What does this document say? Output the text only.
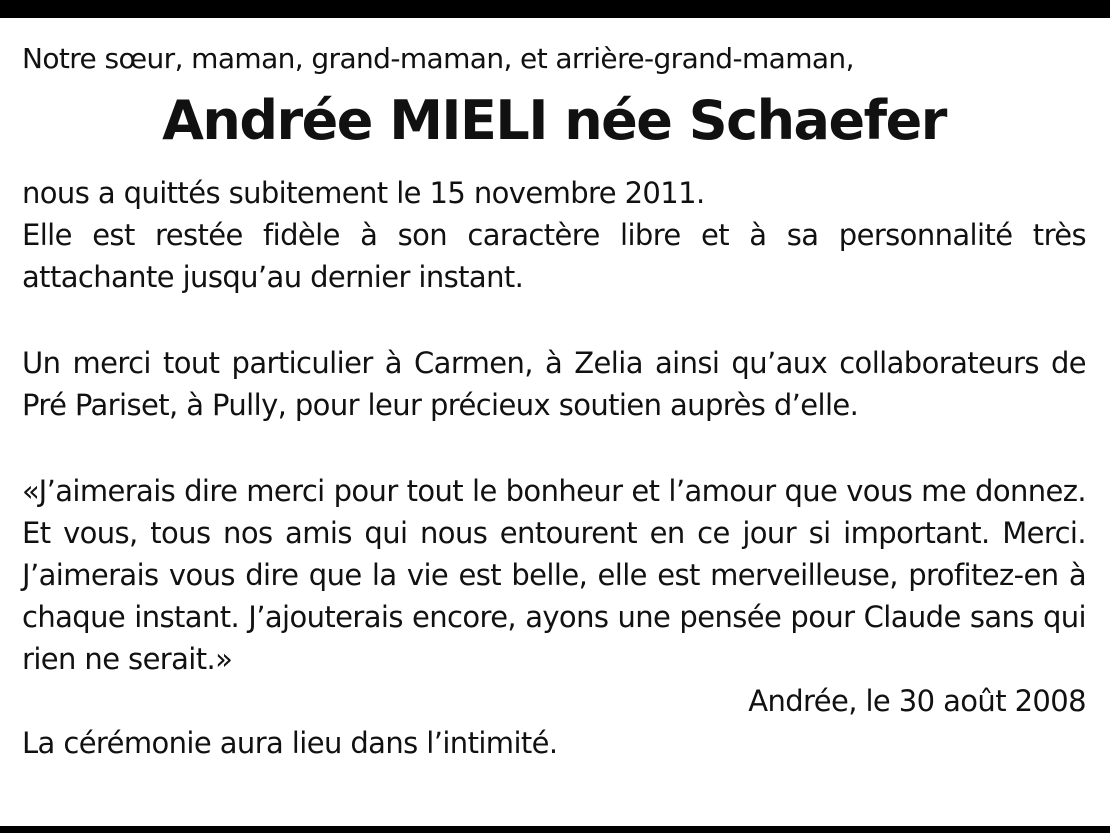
Notre sœur, maman, grand-maman, et arrière-grand-maman,
Andrée MIELI née Schaefer
nous a quittés subitement le 15 novembre 2011.

Elle est restée fidèle à son caractère libre et à sa personnalité très attachante jusqu’au dernier instant.

Un merci tout particulier à Carmen, à Zelia ainsi qu’aux collaborateurs de Pré Pariset, à Pully, pour leur précieux soutien auprès d’elle.

«J’aimerais dire merci pour tout le bonheur et l’amour que vous me donnez. Et vous, tous nos amis qui nous entourent en ce jour si important. Merci. J’aimerais vous dire que la vie est belle, elle est merveilleuse, profitez-en à chaque instant. J’ajouterais encore, ayons une pensée pour Claude sans qui rien ne serait.»

Andrée, le 30 août 2008
La cérémonie aura lieu dans l’intimité.
